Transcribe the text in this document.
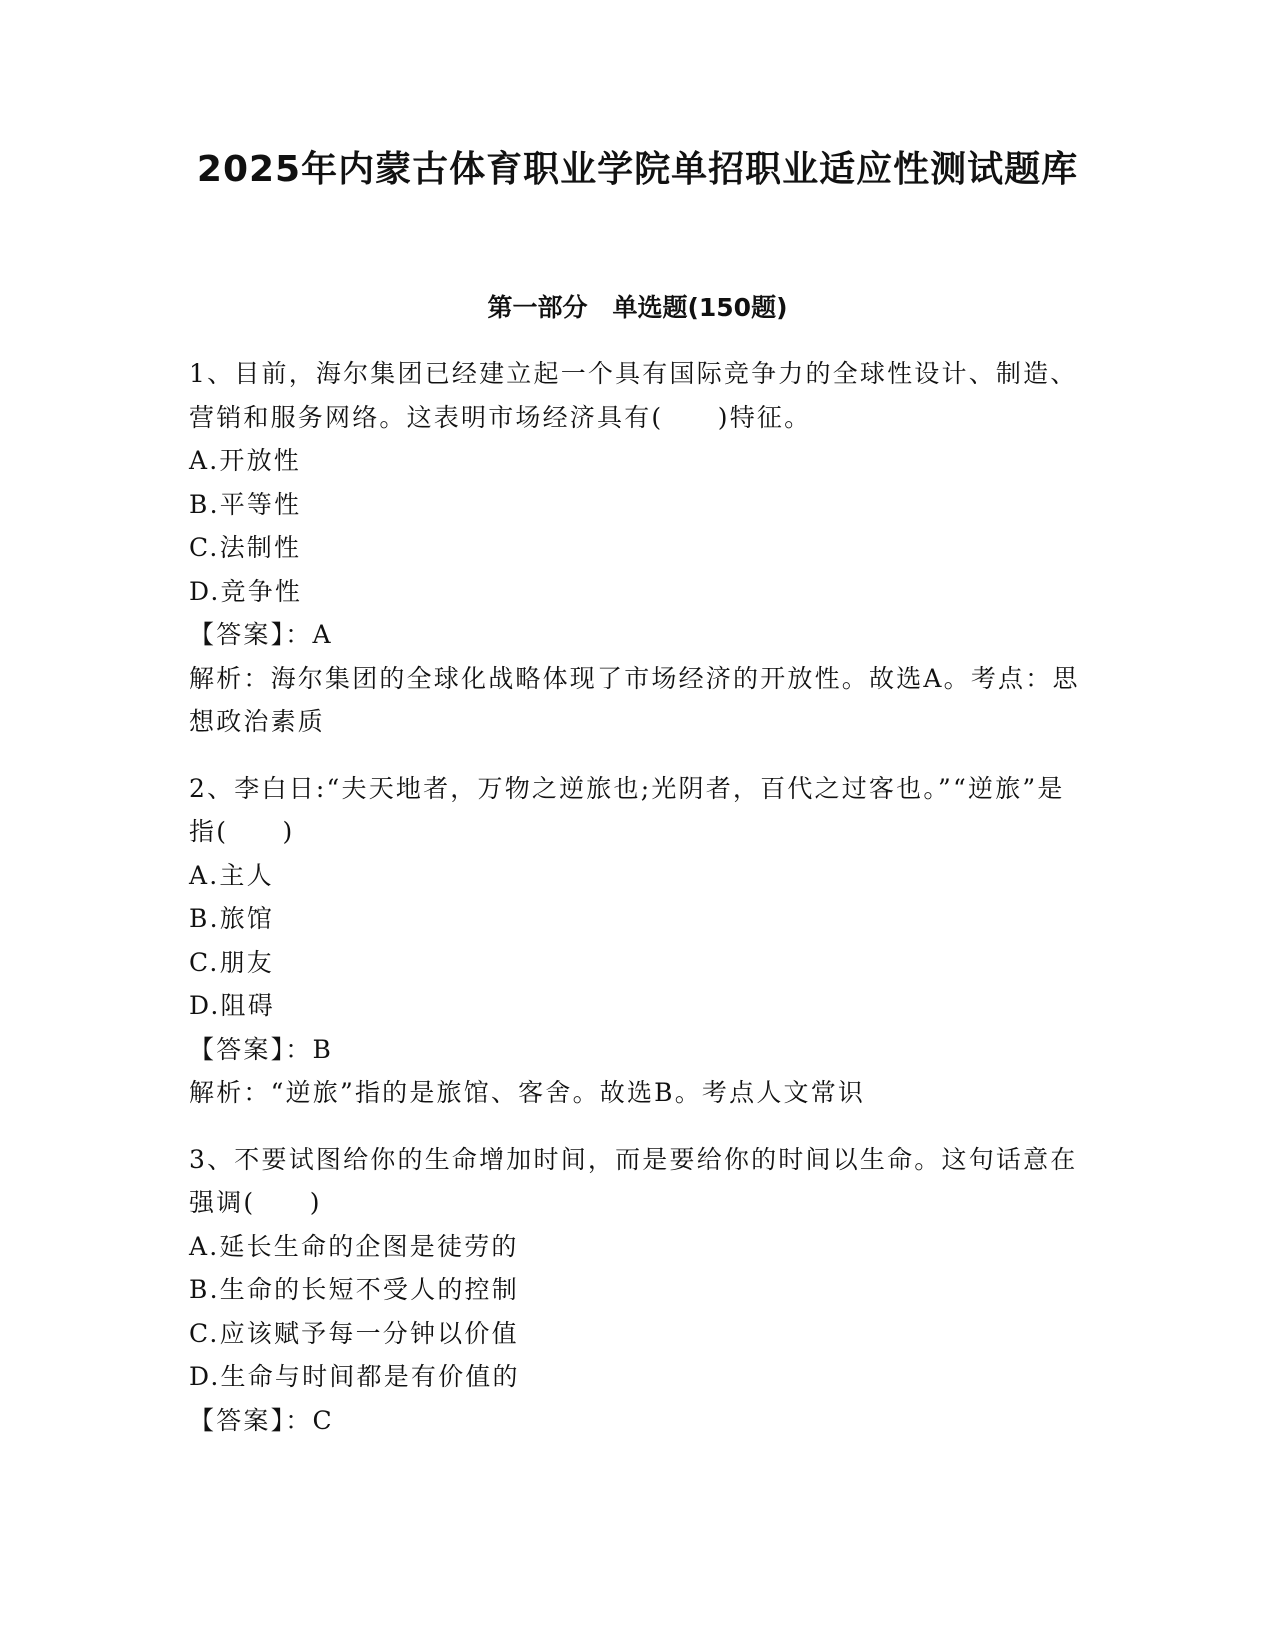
2025年内蒙古体育职业学院单招职业适应性测试题库
第一部分　单选题(150题)

1、目前，海尔集团已经建立起一个具有国际竞争力的全球性设计、制造、营销和服务网络。这表明市场经济具有(　　)特征。

A.开放性

B.平等性

C.法制性

D.竞争性

【答案】：A

解析：海尔集团的全球化战略体现了市场经济的开放性。故选A。考点：思想政治素质

2、李白日:“夫天地者，万物之逆旅也;光阴者，百代之过客也。”“逆旅”是指(　　)

A.主人

B.旅馆

C.朋友

D.阻碍

【答案】：B

解析：“逆旅”指的是旅馆、客舍。故选B。考点人文常识

3、不要试图给你的生命增加时间，而是要给你的时间以生命。这句话意在强调(　　)

A.延长生命的企图是徒劳的

B.生命的长短不受人的控制

C.应该赋予每一分钟以价值

D.生命与时间都是有价值的

【答案】：C
